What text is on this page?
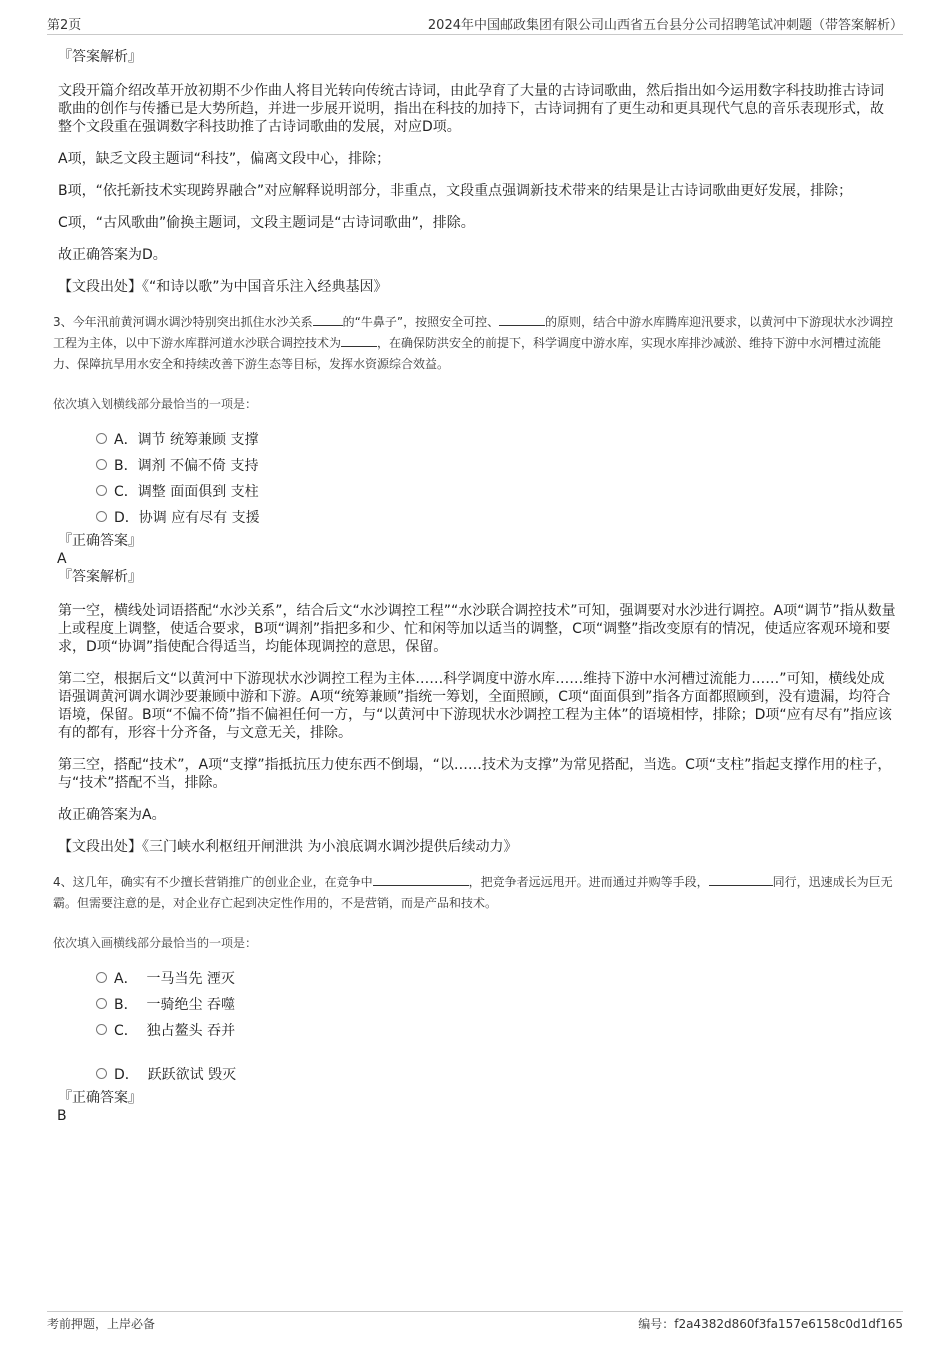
第2页	2024年中国邮政集团有限公司山西省五台县分公司招聘笔试冲刺题（带答案解析）

『答案解析』

文段开篇介绍改革开放初期不少作曲人将目光转向传统古诗词，由此孕育了大量的古诗词歌曲，然后指出如今运用数字科技助推古诗词歌曲的创作与传播已是大势所趋，并进一步展开说明，指出在科技的加持下，古诗词拥有了更生动和更具现代气息的音乐表现形式，故整个文段重在强调数字科技助推了古诗词歌曲的发展，对应D项。

A项，缺乏文段主题词“科技”，偏离文段中心，排除；

B项，“依托新技术实现跨界融合”对应解释说明部分，非重点，文段重点强调新技术带来的结果是让古诗词歌曲更好发展，排除；

C项，“古风歌曲”偷换主题词，文段主题词是“古诗词歌曲”，排除。

故正确答案为D。

【文段出处】《“和诗以歌”为中国音乐注入经典基因》

3、今年汛前黄河调水调沙特别突出抓住水沙关系	的“牛鼻子”，按照安全可控、	的原则，结合中游水库腾库迎汛要求，以黄河中下游现状水沙调控工程为主体，以中下游水库群河道水沙联合调控技术为	，在确保防洪安全的前提下，科学调度中游水库，实现水库排沙减淤、维持下游中水河槽过流能力、保障抗旱用水安全和持续改善下游生态等目标，发挥水资源综合效益。

依次填入划横线部分最恰当的一项是：

A．调节 统筹兼顾 支撑
B．调剂 不偏不倚 支持
C．调整 面面俱到 支柱
D．协调 应有尽有 支援

『正确答案』

A

『答案解析』

第一空，横线处词语搭配“水沙关系”，结合后文“水沙调控工程”“水沙联合调控技术”可知，强调要对水沙进行调控。A项“调节”指从数量上或程度上调整，使适合要求，B项“调剂”指把多和少、忙和闲等加以适当的调整，C项“调整”指改变原有的情况，使适应客观环境和要求，D项“协调”指使配合得适当，均能体现调控的意思，保留。

第二空，根据后文“以黄河中下游现状水沙调控工程为主体……科学调度中游水库……维持下游中水河槽过流能力……”可知，横线处成语强调黄河调水调沙要兼顾中游和下游。A项“统筹兼顾”指统一筹划，全面照顾，C项“面面俱到”指各方面都照顾到，没有遗漏，均符合语境，保留。B项“不偏不倚”指不偏袒任何一方，与“以黄河中下游现状水沙调控工程为主体”的语境相悖，排除；D项“应有尽有”指应该有的都有，形容十分齐备，与文意无关，排除。

第三空，搭配“技术”，A项“支撑”指抵抗压力使东西不倒塌，“以……技术为支撑”为常见搭配，当选。C项“支柱”指起支撑作用的柱子，与“技术”搭配不当，排除。

故正确答案为A。

【文段出处】《三门峡水利枢纽开闸泄洪 为小浪底调水调沙提供后续动力》

4、这几年，确实有不少擅长营销推广的创业企业，在竞争中	，把竞争者远远甩开。进而通过并购等手段，	同行，迅速成长为巨无霸。但需要注意的是，对企业存亡起到决定性作用的，不是营销，而是产品和技术。

依次填入画横线部分最恰当的一项是：

A．  一马当先 湮灭
B．  一骑绝尘 吞噬
C．  独占鳌头 吞并
D．  跃跃欲试 毁灭

『正确答案』

B

考前押题，上岸必备	编号：f2a4382d860f3fa157e6158c0d1df165
